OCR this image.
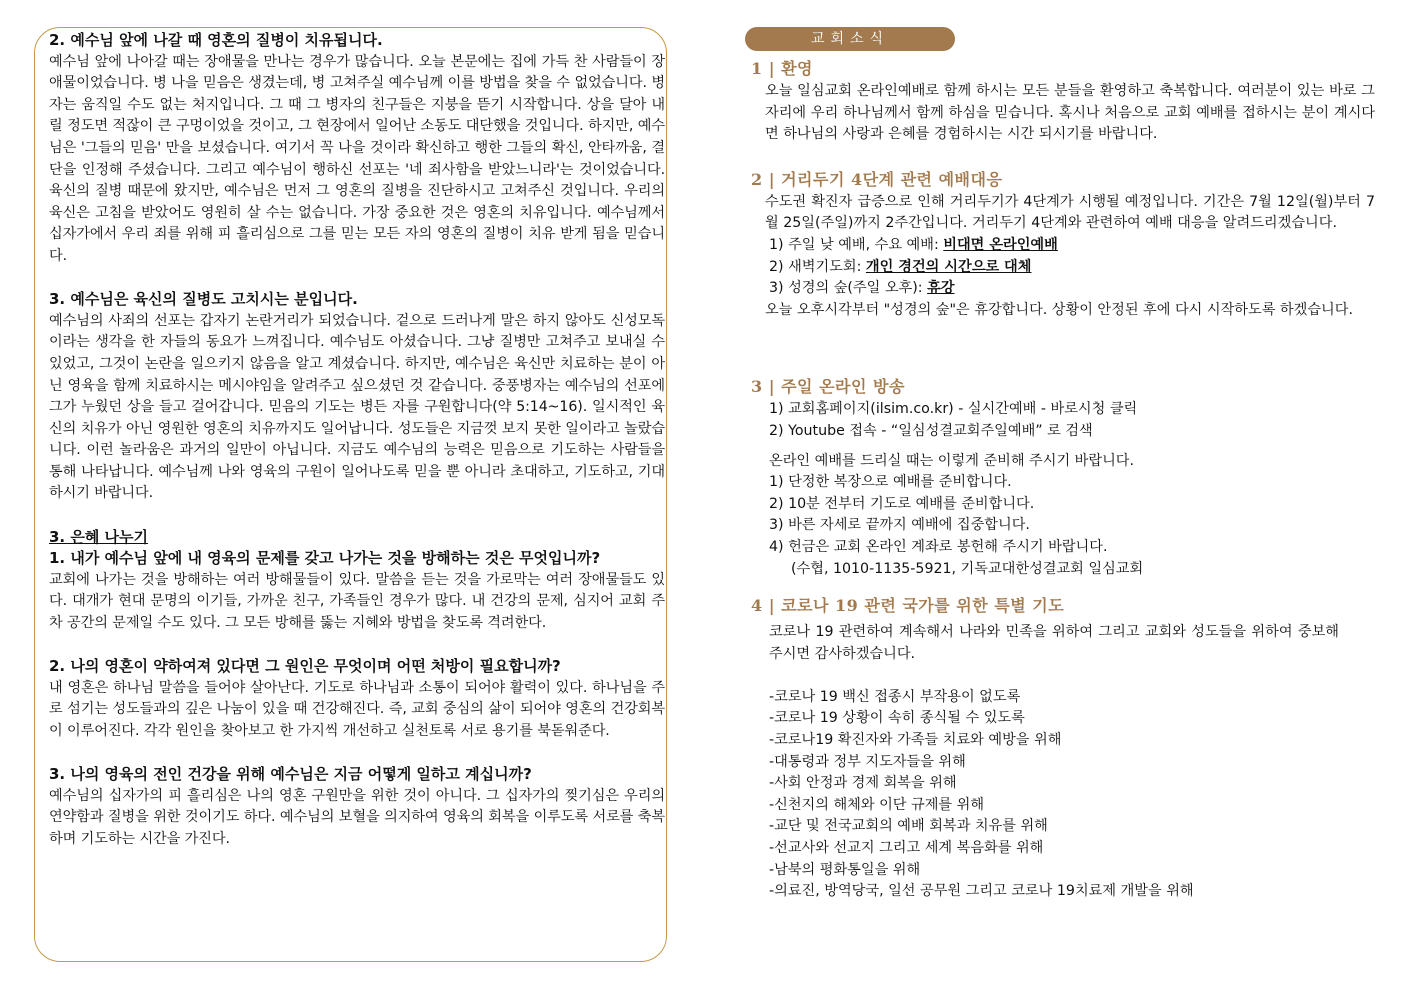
2. 예수님 앞에 나갈 때 영혼의 질병이 치유됩니다.

예수님 앞에 나아갈 때는 장애물을 만나는 경우가 많습니다. 오늘 본문에는 집에 가득 찬 사람들이 장애물이었습니다. 병 나을 믿음은 생겼는데, 병 고쳐주실 예수님께 이를 방법을 찾을 수 없었습니다. 병자는 움직일 수도 없는 처지입니다. 그 때 그 병자의 친구들은 지붕을 뜯기 시작합니다. 상을 달아 내릴 정도면 적잖이 큰 구멍이었을 것이고, 그 현장에서 일어난 소동도 대단했을 것입니다. 하지만, 예수님은 '그들의 믿음' 만을 보셨습니다. 여기서 꼭 나을 것이라 확신하고 행한 그들의 확신, 안타까움, 결단을 인정해 주셨습니다. 그리고 예수님이 행하신 선포는 '네 죄사함을 받았느니라'는 것이었습니다. 육신의 질병 때문에 왔지만, 예수님은 먼저 그 영혼의 질병을 진단하시고 고쳐주신 것입니다. 우리의 육신은 고침을 받았어도 영원히 살 수는 없습니다. 가장 중요한 것은 영혼의 치유입니다. 예수님께서 십자가에서 우리 죄를 위해 피 흘리심으로 그를 믿는 모든 자의 영혼의 질병이 치유 받게 됨을 믿습니다.

3. 예수님은 육신의 질병도 고치시는 분입니다.

예수님의 사죄의 선포는 갑자기 논란거리가 되었습니다. 겉으로 드러나게 말은 하지 않아도 신성모독이라는 생각을 한 자들의 동요가 느껴집니다. 예수님도 아셨습니다. 그냥 질병만 고쳐주고 보내실 수 있었고, 그것이 논란을 일으키지 않음을 알고 계셨습니다. 하지만, 예수님은 육신만 치료하는 분이 아닌 영육을 함께 치료하시는 메시야임을 알려주고 싶으셨던 것 같습니다. 중풍병자는 예수님의 선포에 그가 누웠던 상을 들고 걸어갑니다. 믿음의 기도는 병든 자를 구원합니다(약 5:14~16). 일시적인 육신의 치유가 아닌 영원한 영혼의 치유까지도 일어납니다. 성도들은 지금껏 보지 못한 일이라고 놀랐습니다. 이런 놀라움은 과거의 일만이 아닙니다. 지금도 예수님의 능력은 믿음으로 기도하는 사람들을 통해 나타납니다. 예수님께 나와 영육의 구원이 일어나도록 믿을 뿐 아니라 초대하고, 기도하고, 기대하시기 바랍니다.

3. 은혜 나누기
1. 내가 예수님 앞에 내 영육의 문제를 갖고 나가는 것을 방해하는 것은 무엇입니까?

교회에 나가는 것을 방해하는 여러 방해물들이 있다. 말씀을 듣는 것을 가로막는 여러 장애물들도 있다. 대개가 현대 문명의 이기들, 가까운 친구, 가족들인 경우가 많다. 내 건강의 문제, 심지어 교회 주차 공간의 문제일 수도 있다. 그 모든 방해를 뚫는 지혜와 방법을 찾도록 격려한다.

2. 나의 영혼이 약하여져 있다면 그 원인은 무엇이며 어떤 처방이 필요합니까?

내 영혼은 하나님 말씀을 들어야 살아난다. 기도로 하나님과 소통이 되어야 활력이 있다. 하나님을 주로 섬기는 성도들과의 깊은 나눔이 있을 때 건강해진다. 즉, 교회 중심의 삶이 되어야 영혼의 건강회복이 이루어진다. 각각 원인을 찾아보고 한 가지씩 개선하고 실천토록 서로 용기를 북돋워준다.

3. 나의 영육의 전인 건강을 위해 예수님은 지금 어떻게 일하고 계십니까?

예수님의 십자가의 피 흘리심은 나의 영혼 구원만을 위한 것이 아니다. 그 십자가의 찢기심은 우리의 연약함과 질병을 위한 것이기도 하다. 예수님의 보혈을 의지하여 영육의 회복을 이루도록 서로를 축복하며 기도하는 시간을 가진다.

교회소식
1 | 환영

오늘 일심교회 온라인예배로 함께 하시는 모든 분들을 환영하고 축복합니다. 여러분이 있는 바로 그 자리에 우리 하나님께서 함께 하심을 믿습니다. 혹시나 처음으로 교회 예배를 접하시는 분이 계시다면 하나님의 사랑과 은혜를 경험하시는 시간 되시기를 바랍니다.

2 | 거리두기 4단계 관련 예배대응

수도권 확진자 급증으로 인해 거리두기가 4단계가 시행될 예정입니다. 기간은 7월 12일(월)부터 7월 25일(주일)까지 2주간입니다. 거리두기 4단계와 관련하여 예배 대응을 알려드리겠습니다.

1) 주일 낮 예배, 수요 예배: 비대면 온라인예배
2) 새벽기도회: 개인 경건의 시간으로 대체
3) 성경의 숲(주일 오후): 휴강

오늘 오후시각부터 "성경의 숲"은 휴강합니다. 상황이 안정된 후에 다시 시작하도록 하겠습니다.

3 | 주일 온라인 방송
1) 교회홈페이지(ilsim.co.kr) - 실시간예배 - 바로시청 클릭
2) Youtube 접속 - “일심성결교회주일예배” 로 검색
온라인 예배를 드리실 때는 이렇게 준비해 주시기 바랍니다.
1) 단정한 복장으로 예배를 준비합니다.
2) 10분 전부터 기도로 예배를 준비합니다.
3) 바른 자세로 끝까지 예배에 집중합니다.
4) 헌금은 교회 온라인 계좌로 봉헌해 주시기 바랍니다.
(수협, 1010-1135-5921, 기독교대한성결교회 일심교회
4 | 코로나 19 관련 국가를 위한 특별 기도

코로나 19 관련하여 계속해서 나라와 민족을 위하여 그리고 교회와 성도들을 위하여 중보해 주시면 감사하겠습니다.

-코로나 19 백신 접종시 부작용이 없도록
-코로나 19 상황이 속히 종식될 수 있도록
-코로나19 확진자와 가족들 치료와 예방을 위해
-대통령과 정부 지도자들을 위해
-사회 안정과 경제 회복을 위해
-신천지의 해체와 이단 규제를 위해
-교단 및 전국교회의 예배 회복과 치유를 위해
-선교사와 선교지 그리고 세계 복음화를 위해
-남북의 평화통일을 위해
-의료진, 방역당국, 일선 공무원 그리고 코로나 19치료제 개발을 위해
